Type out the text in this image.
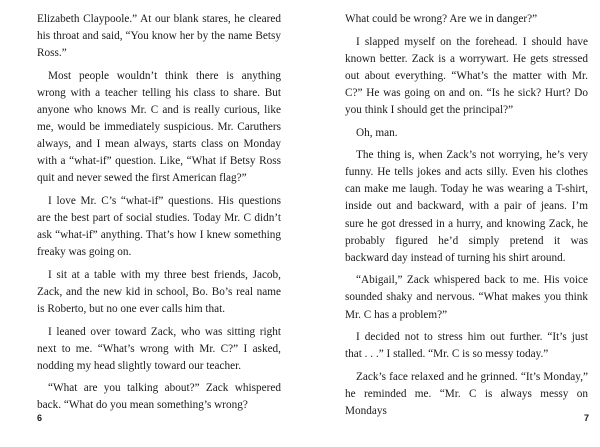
Elizabeth Claypoole.” At our blank stares, he cleared his throat and said, “You know her by the name Betsy Ross.”

Most people wouldn’t think there is anything wrong with a teacher telling his class to share. But anyone who knows Mr. C and is really curious, like me, would be immediately suspicious. Mr. Caruthers always, and I mean always, starts class on Monday with a “what-if” question. Like, “What if Betsy Ross quit and never sewed the first American flag?”

I love Mr. C’s “what-if” questions. His questions are the best part of social studies. Today Mr. C didn’t ask “what-if” anything. That’s how I knew something freaky was going on.

I sit at a table with my three best friends, Jacob, Zack, and the new kid in school, Bo. Bo’s real name is Roberto, but no one ever calls him that.

I leaned over toward Zack, who was sitting right next to me. “What’s wrong with Mr. C?” I asked, nodding my head slightly toward our teacher.

“What are you talking about?” Zack whispered back. “What do you mean something’s wrong?

6

What could be wrong? Are we in danger?”

I slapped myself on the forehead. I should have known better. Zack is a worrywart. He gets stressed out about everything. “What’s the matter with Mr. C?” He was going on and on. “Is he sick? Hurt? Do you think I should get the principal?”

Oh, man.

The thing is, when Zack’s not worrying, he’s very funny. He tells jokes and acts silly. Even his clothes can make me laugh. Today he was wearing a T-shirt, inside out and backward, with a pair of jeans. I’m sure he got dressed in a hurry, and knowing Zack, he probably figured he’d simply pretend it was backward day instead of turning his shirt around.

“Abigail,” Zack whispered back to me. His voice sounded shaky and nervous. “What makes you think Mr. C has a problem?”

I decided not to stress him out further. “It’s just that . . .” I stalled. “Mr. C is so messy today.”

Zack’s face relaxed and he grinned. “It’s Monday,” he reminded me. “Mr. C is always messy on Mondays

7
